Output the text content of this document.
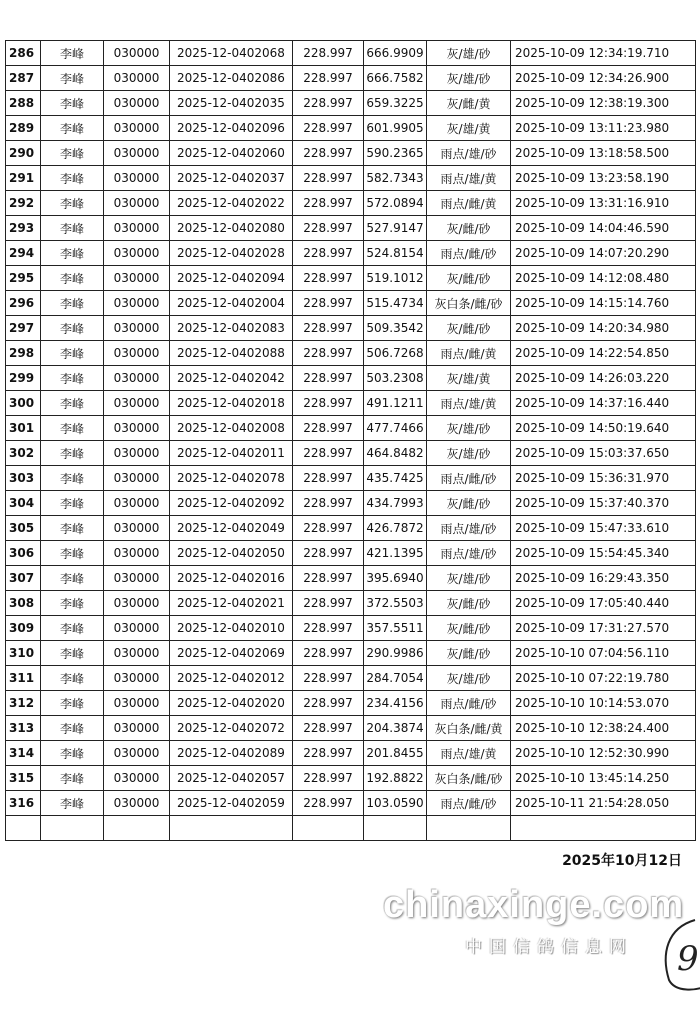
286	李峰	030000	2025-12-0402068	228.997	666.9909	灰/雄/砂	2025-10-09 12:34:19.710
287	李峰	030000	2025-12-0402086	228.997	666.7582	灰/雄/砂	2025-10-09 12:34:26.900
288	李峰	030000	2025-12-0402035	228.997	659.3225	灰/雌/黄	2025-10-09 12:38:19.300
289	李峰	030000	2025-12-0402096	228.997	601.9905	灰/雄/黄	2025-10-09 13:11:23.980
290	李峰	030000	2025-12-0402060	228.997	590.2365	雨点/雄/砂	2025-10-09 13:18:58.500
291	李峰	030000	2025-12-0402037	228.997	582.7343	雨点/雄/黄	2025-10-09 13:23:58.190
292	李峰	030000	2025-12-0402022	228.997	572.0894	雨点/雌/黄	2025-10-09 13:31:16.910
293	李峰	030000	2025-12-0402080	228.997	527.9147	灰/雌/砂	2025-10-09 14:04:46.590
294	李峰	030000	2025-12-0402028	228.997	524.8154	雨点/雌/砂	2025-10-09 14:07:20.290
295	李峰	030000	2025-12-0402094	228.997	519.1012	灰/雌/砂	2025-10-09 14:12:08.480
296	李峰	030000	2025-12-0402004	228.997	515.4734	灰白条/雌/砂	2025-10-09 14:15:14.760
297	李峰	030000	2025-12-0402083	228.997	509.3542	灰/雌/砂	2025-10-09 14:20:34.980
298	李峰	030000	2025-12-0402088	228.997	506.7268	雨点/雌/黄	2025-10-09 14:22:54.850
299	李峰	030000	2025-12-0402042	228.997	503.2308	灰/雄/黄	2025-10-09 14:26:03.220
300	李峰	030000	2025-12-0402018	228.997	491.1211	雨点/雄/黄	2025-10-09 14:37:16.440
301	李峰	030000	2025-12-0402008	228.997	477.7466	灰/雄/砂	2025-10-09 14:50:19.640
302	李峰	030000	2025-12-0402011	228.997	464.8482	灰/雄/砂	2025-10-09 15:03:37.650
303	李峰	030000	2025-12-0402078	228.997	435.7425	雨点/雌/砂	2025-10-09 15:36:31.970
304	李峰	030000	2025-12-0402092	228.997	434.7993	灰/雌/砂	2025-10-09 15:37:40.370
305	李峰	030000	2025-12-0402049	228.997	426.7872	雨点/雄/砂	2025-10-09 15:47:33.610
306	李峰	030000	2025-12-0402050	228.997	421.1395	雨点/雄/砂	2025-10-09 15:54:45.340
307	李峰	030000	2025-12-0402016	228.997	395.6940	灰/雄/砂	2025-10-09 16:29:43.350
308	李峰	030000	2025-12-0402021	228.997	372.5503	灰/雌/砂	2025-10-09 17:05:40.440
309	李峰	030000	2025-12-0402010	228.997	357.5511	灰/雌/砂	2025-10-09 17:31:27.570
310	李峰	030000	2025-12-0402069	228.997	290.9986	灰/雌/砂	2025-10-10 07:04:56.110
311	李峰	030000	2025-12-0402012	228.997	284.7054	灰/雄/砂	2025-10-10 07:22:19.780
312	李峰	030000	2025-12-0402020	228.997	234.4156	雨点/雌/砂	2025-10-10 10:14:53.070
313	李峰	030000	2025-12-0402072	228.997	204.3874	灰白条/雌/黄	2025-10-10 12:38:24.400
314	李峰	030000	2025-12-0402089	228.997	201.8455	雨点/雄/黄	2025-10-10 12:52:30.990
315	李峰	030000	2025-12-0402057	228.997	192.8822	灰白条/雌/砂	2025-10-10 13:45:14.250
316	李峰	030000	2025-12-0402059	228.997	103.0590	雨点/雌/砂	2025-10-11 21:54:28.050

2025年10月12日
chinaxinge.com
中国信鸽信息网 9
